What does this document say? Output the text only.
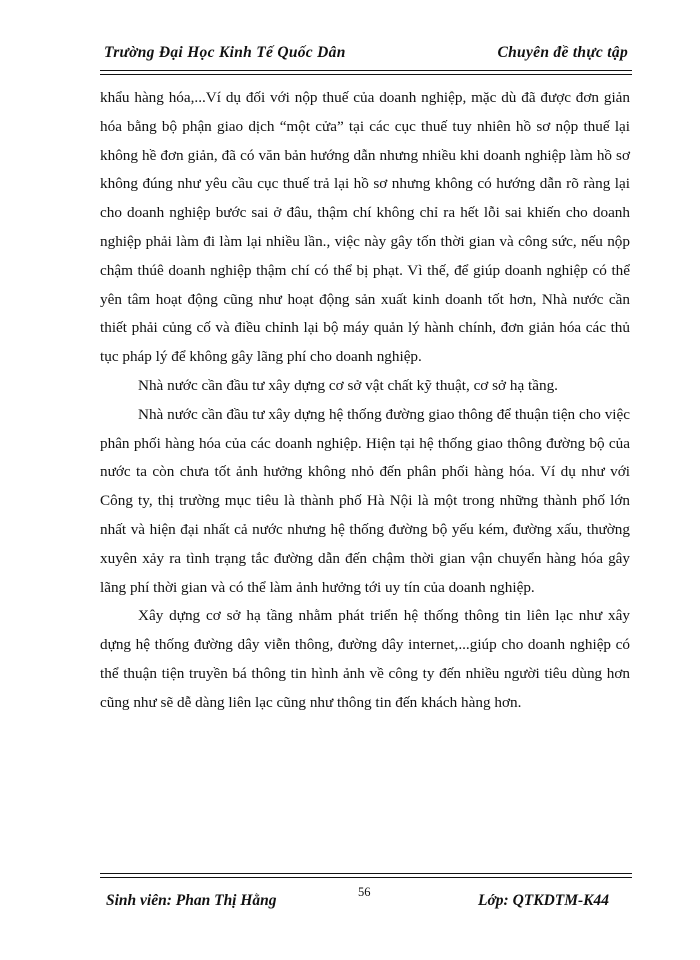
Trường Đại Học Kinh Tế Quốc Dân	Chuyên đề thực tập

khẩu hàng hóa,...Ví dụ đối với nộp thuế của doanh nghiệp, mặc dù đã được đơn giản hóa bằng bộ phận giao dịch “một cửa” tại các cục thuế tuy nhiên hồ sơ nộp thuế lại không hề đơn giản, đã có văn bản hướng dẫn nhưng nhiều khi doanh nghiệp làm hồ sơ không đúng như yêu cầu cục thuế trả lại hồ sơ nhưng không có hướng dẫn rõ ràng lại cho doanh nghiệp bước sai ở đâu, thậm chí không chỉ ra hết lỗi sai khiến cho doanh nghiệp phải làm đi làm lại nhiều lần., việc này gây tốn thời gian và công sức, nếu nộp chậm thúê doanh nghiệp thậm chí có thể bị phạt. Vì thế, để giúp doanh nghiệp có thể yên tâm hoạt động cũng như hoạt động sản xuất kinh doanh tốt hơn, Nhà nước cần thiết phải củng cố và điều chỉnh lại bộ máy quản lý hành chính, đơn giản hóa các thủ tục pháp lý để không gây lãng phí cho doanh nghiệp.

Nhà nước cần đầu tư xây dựng cơ sở vật chất kỹ thuật, cơ sở hạ tầng.

Nhà nước cần đầu tư xây dựng hệ thống đường giao thông để thuận tiện cho việc phân phối hàng hóa của các doanh nghiệp. Hiện tại hệ thống giao thông đường bộ của nước ta còn chưa tốt ảnh hưởng không nhỏ đến phân phối hàng hóa. Ví dụ như với Công ty, thị trường mục tiêu là thành phố Hà Nội là một trong những thành phố lớn nhất và hiện đại nhất cả nước nhưng hệ thống đường bộ yếu kém, đường xấu, thường xuyên xảy ra tình trạng tắc đường dẫn đến chậm thời gian vận chuyển hàng hóa gây lãng phí thời gian và có thể làm ảnh hưởng tới uy tín của doanh nghiệp.

Xây dựng cơ sở hạ tầng nhằm phát triển hệ thống thông tin liên lạc như xây dựng hệ thống đường dây viễn thông, đường dây internet,...giúp cho doanh nghiệp có thể thuận tiện truyền bá thông tin hình ảnh về công ty đến nhiều người tiêu dùng hơn cũng như sẽ dễ dàng liên lạc cũng như thông tin đến khách hàng hơn.

Sinh viên: Phan Thị Hằng	56	Lớp: QTKDTM-K44
